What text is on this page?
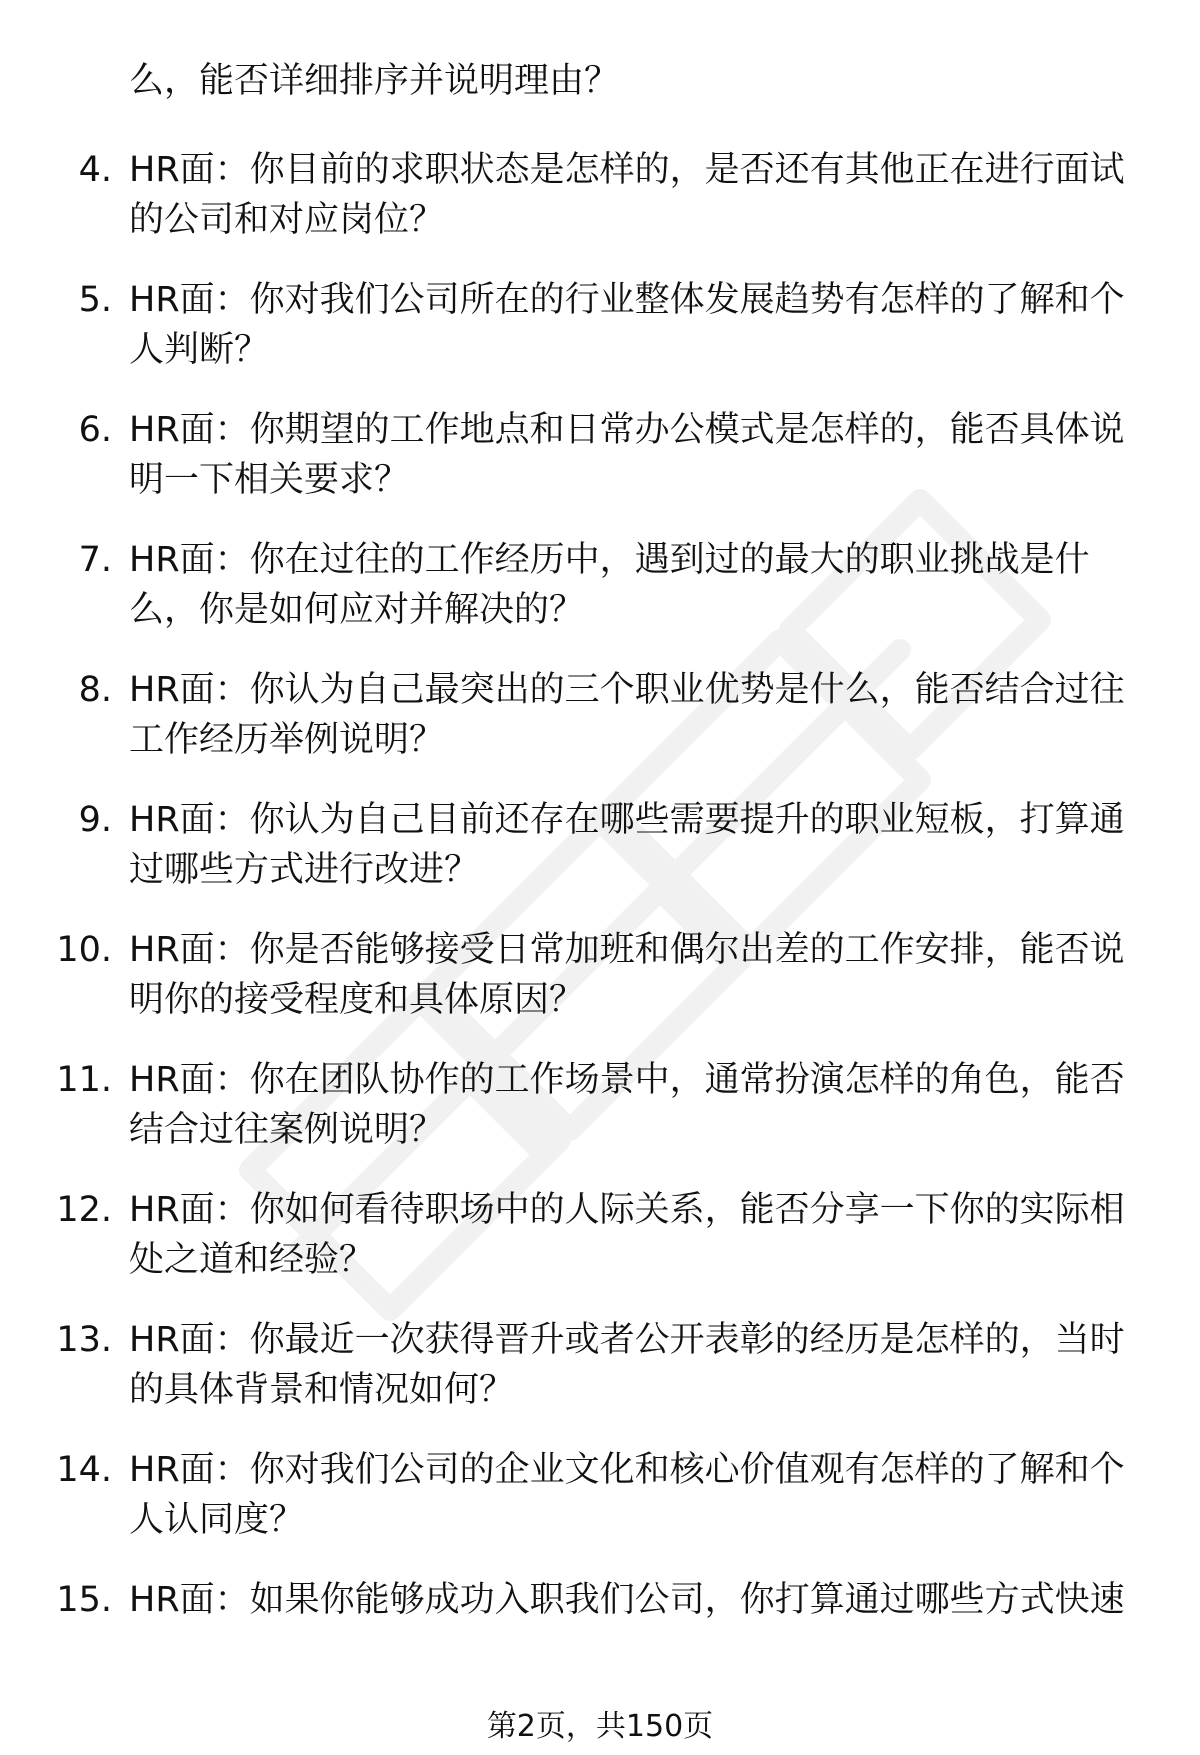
么，能否详细排序并说明理由？
4. HR面：你目前的求职状态是怎样的，是否还有其他正在进行面试
的公司和对应岗位？
5. HR面：你对我们公司所在的行业整体发展趋势有怎样的了解和个
人判断？
6. HR面：你期望的工作地点和日常办公模式是怎样的，能否具体说
明一下相关要求？
7. HR面：你在过往的工作经历中，遇到过的最大的职业挑战是什
么，你是如何应对并解决的？
8. HR面：你认为自己最突出的三个职业优势是什么，能否结合过往
工作经历举例说明？
9. HR面：你认为自己目前还存在哪些需要提升的职业短板，打算通
过哪些方式进行改进？
10. HR面：你是否能够接受日常加班和偶尔出差的工作安排，能否说
明你的接受程度和具体原因？
11. HR面：你在团队协作的工作场景中，通常扮演怎样的角色，能否
结合过往案例说明？
12. HR面：你如何看待职场中的人际关系，能否分享一下你的实际相
处之道和经验？
13. HR面：你最近一次获得晋升或者公开表彰的经历是怎样的，当时
的具体背景和情况如何？
14. HR面：你对我们公司的企业文化和核心价值观有怎样的了解和个
人认同度？
15. HR面：如果你能够成功入职我们公司，你打算通过哪些方式快速
第2页，共150页
